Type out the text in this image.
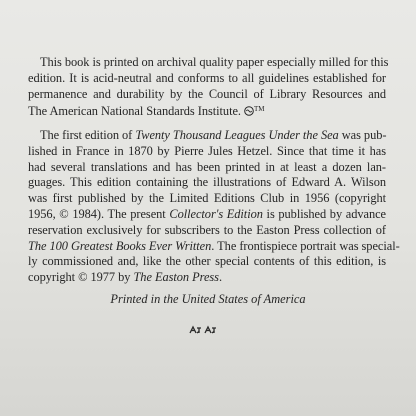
This book is printed on archival quality paper especially milled for this
edition. It is acid-neutral and conforms to all guidelines established for
permanence and durability by the Council of Library Resources and
The American National Standards Institute. ™

The first edition of Twenty Thousand Leagues Under the Sea was pub-
lished in France in 1870 by Pierre Jules Hetzel. Since that time it has
had several translations and has been printed in at least a dozen lan-
guages. This edition containing the illustrations of Edward A. Wilson
was first published by the Limited Editions Club in 1956 (copyright
1956, © 1984). The present Collector's Edition is published by advance
reservation exclusively for subscribers to the Easton Press collection of
The 100 Greatest Books Ever Written. The frontispiece portrait was special-
ly commissioned and, like the other special contents of this edition, is
copyright © 1977 by The Easton Press.

Printed in the United States of America
